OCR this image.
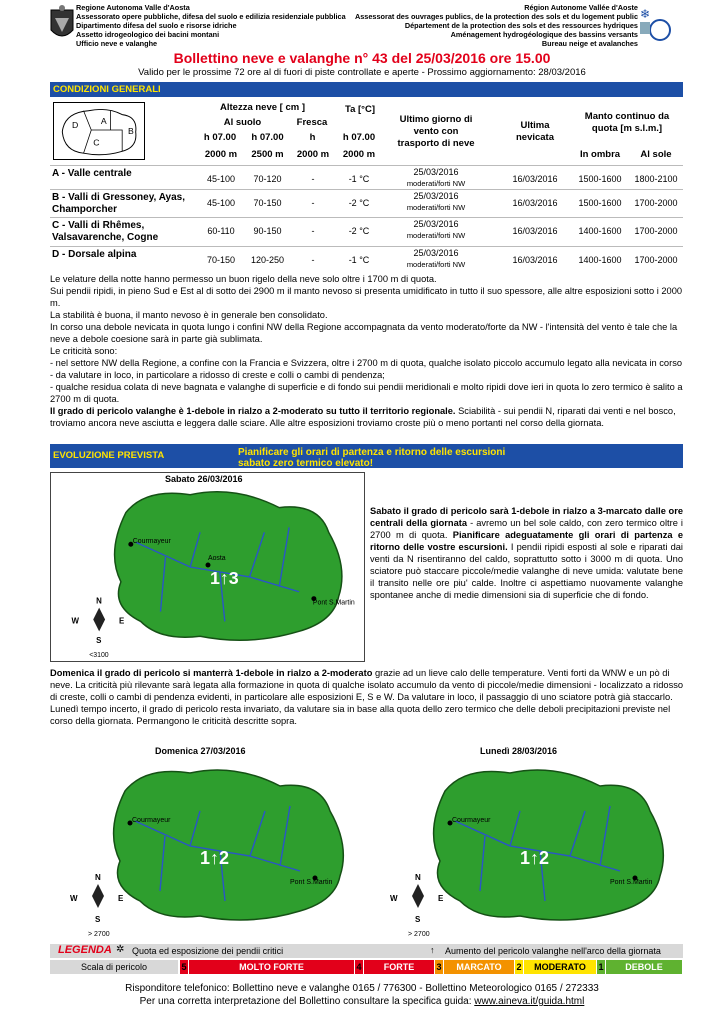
Regione Autonoma Valle d'Aosta
Assessorato opere pubbliche, difesa del suolo e edilizia residenziale pubblica
Dipartimento difesa del suolo e risorse idriche
Assetto idrogeologico dei bacini montani
Ufficio neve e valanghe
Région Autonome Vallée d'Aoste
Assessorat des ouvrages publics, de la protection des sols et du logement public
Département de la protection des sols et des ressources hydriques
Aménagement hydrogéologique des bassins versants
Bureau neige et avalanches
❄
Bollettino neve e valanghe n° 43 del 25/03/2016 ore 15.00
Valido per le prossime 72 ore al di fuori di piste controllate e aperte - Prossimo aggiornamento: 28/03/2016
CONDIZIONI GENERALI
D	A
B
C
Altezza neve [ cm ]
Al suolo	Fresca
Ta [°C]
h 07.00	h 07.00	h	h 07.00
2000 m	2500 m	2000 m	2000 m
Ultimo giorno di vento con trasporto di neve
Ultima nevicata
Manto continuo da quota [m s.l.m.]
In ombra	Al sole
A - Valle centrale	45-100	70-120	-	-1 °C
25/03/2016
moderati/forti NW	16/03/2016	1500-1600	1800-2100
B - Valli di Gressoney, Ayas, Champorcher
45-100	70-150	-	-2 °C
25/03/2016
moderati/forti NW	16/03/2016	1500-1600	1700-2000
C - Valli di Rhêmes, Valsavarenche, Cogne
60-110	90-150	-	-2 °C
25/03/2016
moderati/forti NW	16/03/2016	1400-1600	1700-2000
D - Dorsale alpina	70-150	120-250	-	-1 °C
25/03/2016
moderati/forti NW	16/03/2016	1400-1600	1700-2000
Le velature della notte hanno permesso un buon rigelo della neve solo oltre i 1700 m di quota.
Sui pendii ripidi, in pieno Sud e Est al di sotto dei 2900 m il manto nevoso si presenta umidificato in tutto il suo spessore, alle altre esposizioni sotto i 2000 m.
La stabilità è buona, il manto nevoso è in generale ben consolidato.
In corso una debole nevicata in quota lungo i confini NW della Regione accompagnata da vento moderato/forte da NW - l'intensità del vento è tale che la neve a debole coesione sarà in parte già sublimata.
Le criticità sono:
- nel settore NW della Regione, a confine con la Francia e Svizzera, oltre i 2700 m di quota, qualche isolato piccolo accumulo legato alla nevicata in corso - da valutare in loco, in particolare a ridosso di creste e colli o cambi di pendenza;
- qualche residua colata di neve bagnata e valanghe di superficie e di fondo sui pendii meridionali e molto ripidi dove ieri in quota lo zero termico è salito a 2700 m di quota.
Il grado di pericolo valanghe è 1-debole in rialzo a 2-moderato su tutto il territorio regionale. Sciabilità - sui pendii N, riparati dai venti e nel bosco, troviamo ancora neve asciutta e leggera dalle sciare. Alle altre esposizioni troviamo croste più o meno portanti nel corso della giornata.
EVOLUZIONE PREVISTA	Pianificare gli orari di partenza e ritorno delle escursioni sabato zero termico elevato!
Sabato 26/03/2016
Courmayeur
Aosta
Pont S.Martin
1↑3
N
W	E
S
<3100
Sabato il grado di pericolo sarà 1-debole in rialzo a 3-marcato dalle ore centrali della giornata - avremo un bel sole caldo, con zero termico oltre i 2700 m di quota. Pianificare adeguatamente gli orari di partenza e ritorno delle vostre escursioni. I pendii ripidi esposti al sole e riparati dai venti da N risentiranno del caldo, soprattutto sotto i 3000 m di quota. Uno sciatore può staccare piccole/medie valanghe di neve umida: valutate bene il transito nelle ore piu' calde. Inoltre ci aspettiamo nuovamente valanghe spontanee anche di medie dimensioni sia di superficie che di fondo.
Domenica il grado di pericolo si manterrà 1-debole in rialzo a 2-moderato grazie ad un lieve calo delle temperature. Venti forti da WNW e un pò di neve. La criticità più rilevante sarà legata alla formazione in quota di qualche isolato accumulo da vento di piccole/medie dimensioni - localizzato a ridosso di creste, colli o cambi di pendenza evidenti, in particolare alle esposizioni E, S e W. Da valutare in loco, il passaggio di uno sciatore potrà già staccarlo.
Lunedì tempo incerto, il grado di pericolo resta invariato, da valutare sia in base alla quota dello zero termico che delle deboli precipitazioni previste nel corso della giornata. Permangono le criticità descritte sopra.
Domenica 27/03/2016
Courmayeur
Pont S.Martin
1↑2
N
W	E
S
> 2700
Lunedì 28/03/2016
Courmayeur
Pont S.Martin
1↑2
N
W	E
S
> 2700
LEGENDA ✲ Quota ed esposizione dei pendii critici	↑ Aumento del pericolo valanghe nell'arco della giornata
Scala di pericolo	5	MOLTO FORTE	4	FORTE	3	MARCATO	2	MODERATO	1	DEBOLE
Risponditore telefonico: Bollettino neve e valanghe 0165 / 776300 - Bollettino Meteorologico 0165 / 272333
Per una corretta interpretazione del Bollettino consultare la specifica guida: www.aineva.it/guida.html
